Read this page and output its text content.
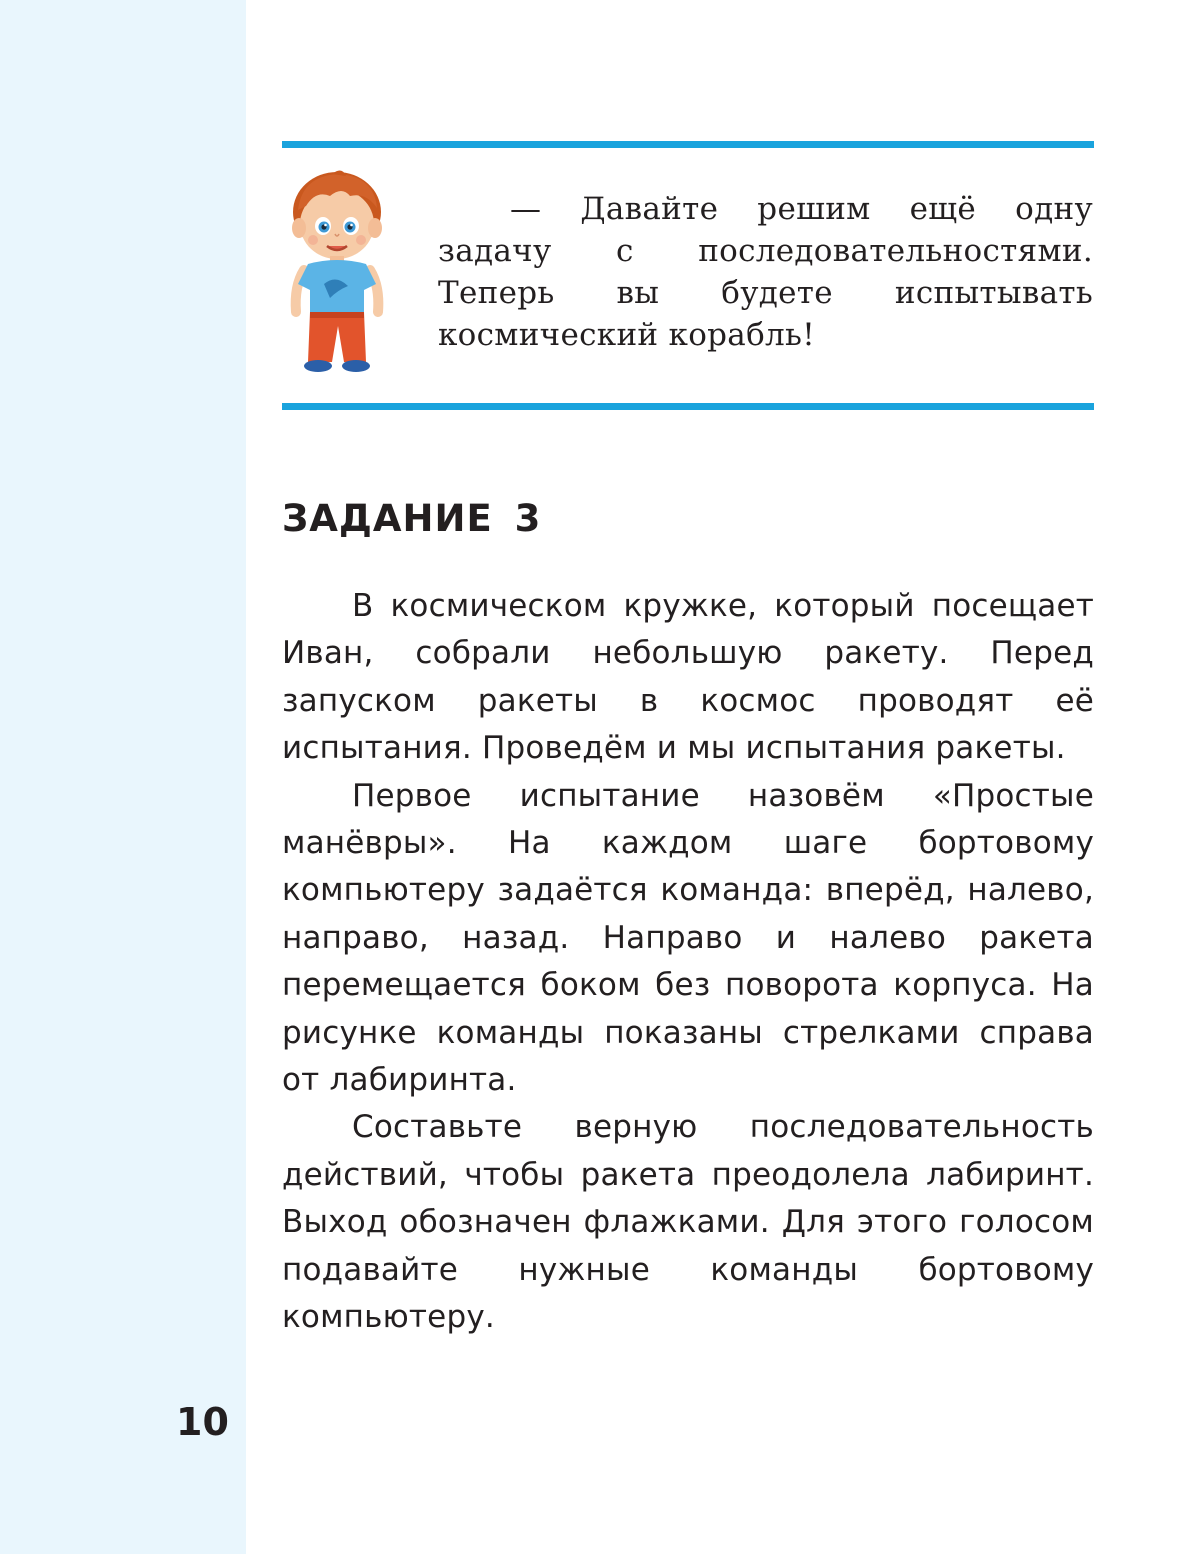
10

— Давайте решим ещё одну задачу с последовательностями. Теперь вы будете испытывать космический корабль!

ЗАДАНИЕ 3

В космическом кружке, который посещает Иван, собрали небольшую ракету. Перед запуском ракеты в космос проводят её испытания. Проведём и мы испытания ракеты.

Первое испытание назовём «Простые манёвры». На каждом шаге бортовому компьютеру задаётся команда: вперёд, налево, направо, назад. Направо и налево ракета перемещается боком без поворота корпуса. На рисунке команды показаны стрелками справа от лабиринта.

Составьте верную последовательность действий, чтобы ракета преодолела лабиринт. Выход обозначен флажками. Для этого голосом подавайте нужные команды бортовому компьютеру.
